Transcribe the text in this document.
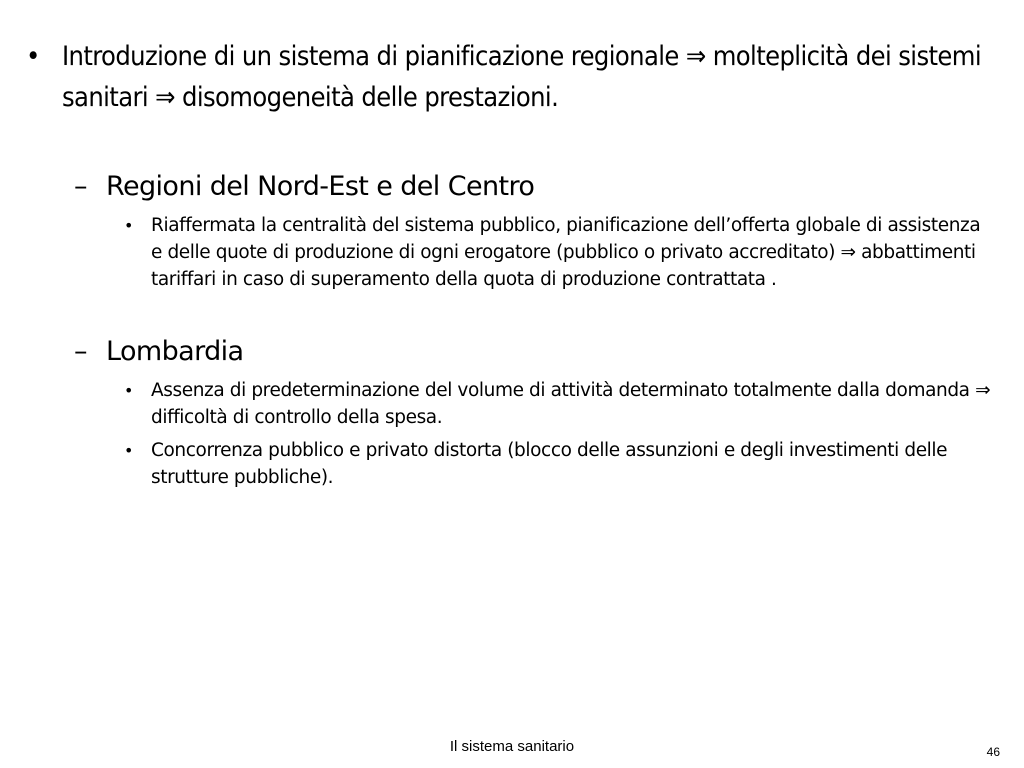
• Introduzione di un sistema di pianificazione regionale ⇒ molteplicità dei sistemi sanitari ⇒ disomogeneità delle prestazioni.
– Regioni del Nord-Est e del Centro
• Riaffermata la centralità del sistema pubblico, pianificazione dell’offerta globale di assistenza e delle quote di produzione di ogni erogatore (pubblico o privato accreditato) ⇒ abbattimenti tariffari in caso di superamento della quota di produzione contrattata .
– Lombardia
• Assenza di predeterminazione del volume di attività determinato totalmente dalla domanda ⇒ difficoltà di controllo della spesa.
• Concorrenza pubblico e privato distorta (blocco delle assunzioni e degli investimenti delle strutture pubbliche).
Il sistema sanitario	46
